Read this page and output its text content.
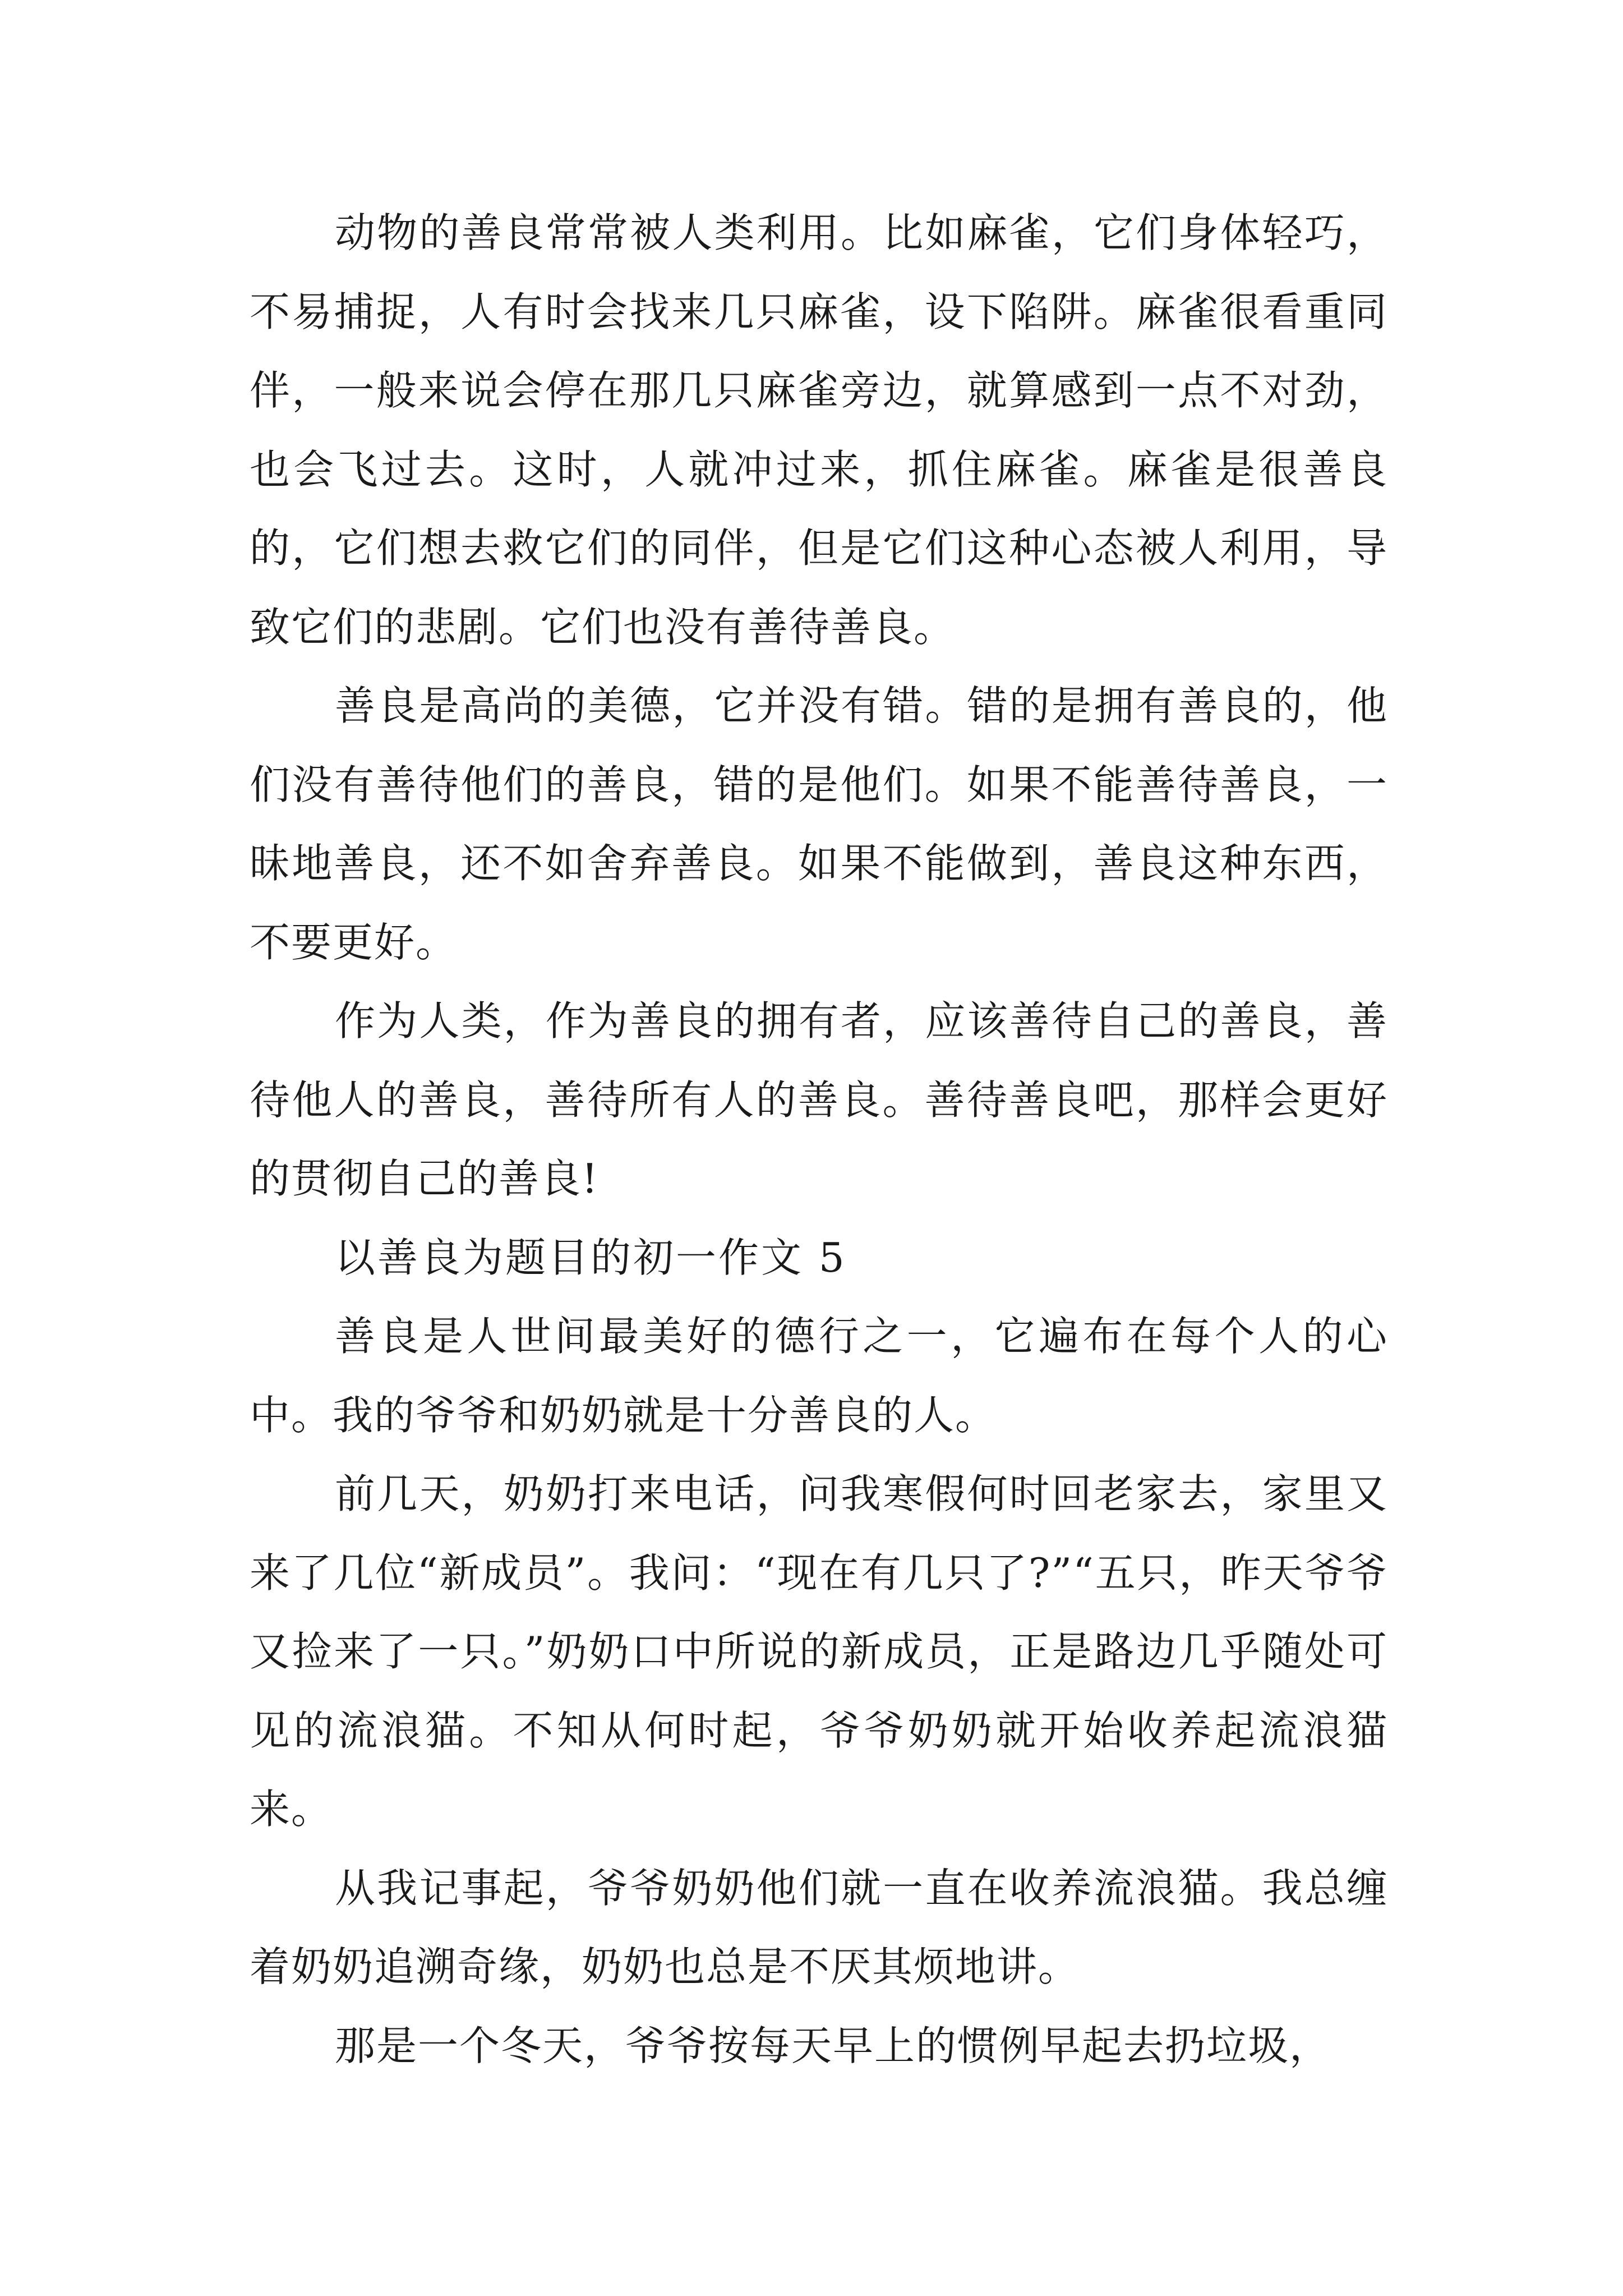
动物的善良常常被人类利用。比如麻雀，它们身体轻巧，不易捕捉，人有时会找来几只麻雀，设下陷阱。麻雀很看重同伴，一般来说会停在那几只麻雀旁边，就算感到一点不对劲，也会飞过去。这时，人就冲过来，抓住麻雀。麻雀是很善良的，它们想去救它们的同伴，但是它们这种心态被人利用，导致它们的悲剧。它们也没有善待善良。

善良是高尚的美德，它并没有错。错的是拥有善良的，他们没有善待他们的善良，错的是他们。如果不能善待善良，一昧地善良，还不如舍弃善良。如果不能做到，善良这种东西，不要更好。

作为人类，作为善良的拥有者，应该善待自己的善良，善待他人的善良，善待所有人的善良。善待善良吧，那样会更好的贯彻自己的善良!

以善良为题目的初一作文 5

善良是人世间最美好的德行之一，它遍布在每个人的心中。我的爷爷和奶奶就是十分善良的人。

前几天，奶奶打来电话，问我寒假何时回老家去，家里又来了几位“新成员”。我问：“现在有几只了?”“五只，昨天爷爷又捡来了一只。”奶奶口中所说的新成员，正是路边几乎随处可见的流浪猫。不知从何时起，爷爷奶奶就开始收养起流浪猫来。

从我记事起，爷爷奶奶他们就一直在收养流浪猫。我总缠着奶奶追溯奇缘，奶奶也总是不厌其烦地讲。

那是一个冬天，爷爷按每天早上的惯例早起去扔垃圾，
